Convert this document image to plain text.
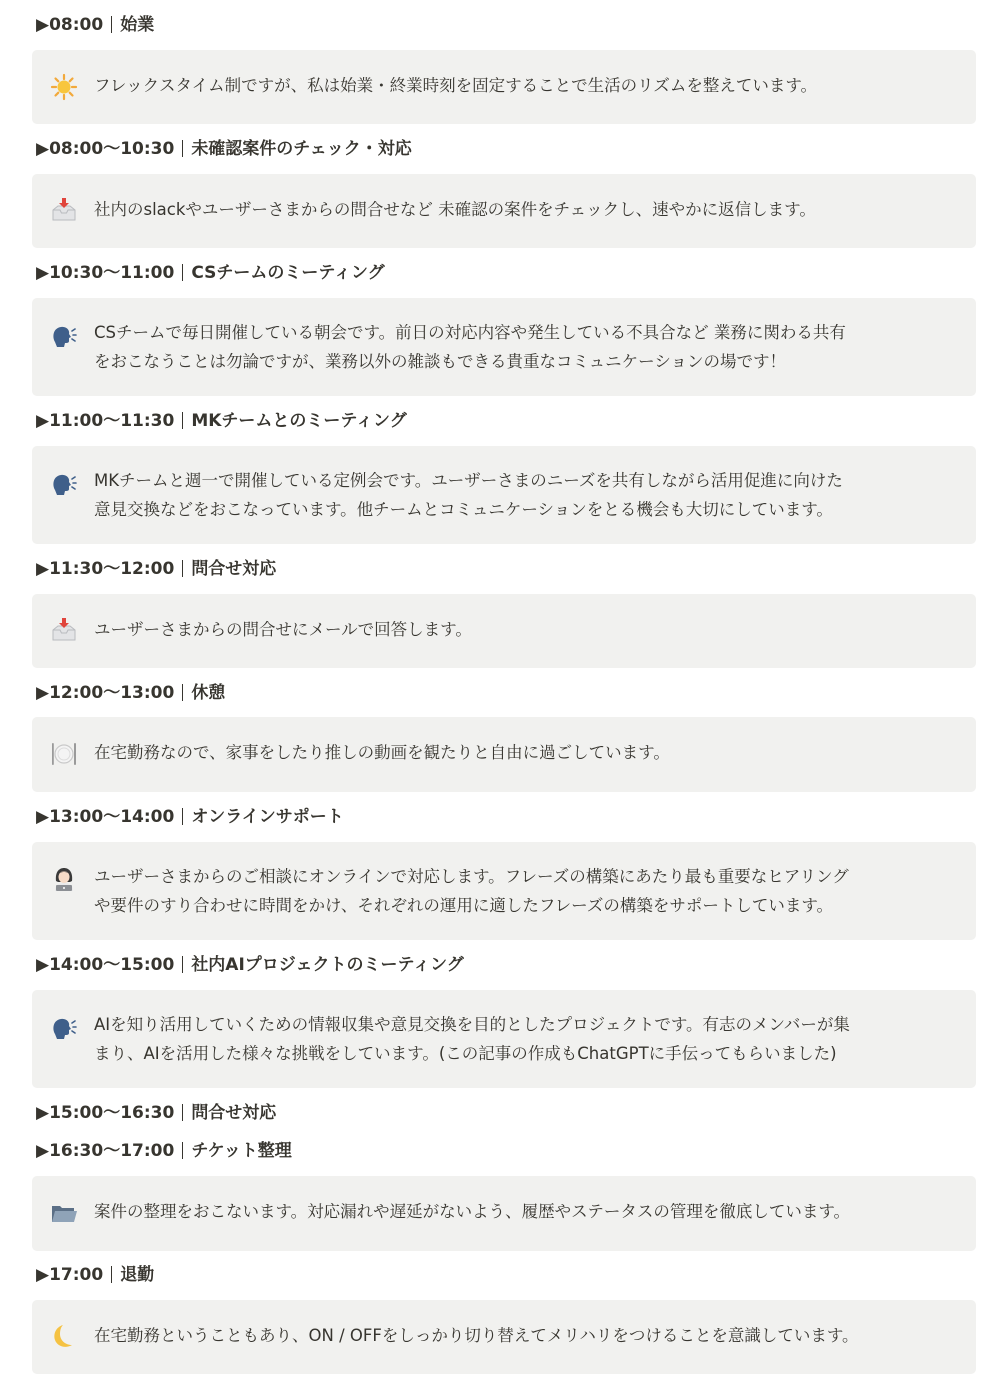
▶08:00 始業
フレックスタイム制ですが、私は始業・終業時刻を固定することで生活のリズムを整えています。
▶08:00〜10:30 未確認案件のチェック・対応
社内のslackやユーザーさまからの問合せなど 未確認の案件をチェックし、速やかに返信します。
▶10:30〜11:00 CSチームのミーティング
CSチームで毎日開催している朝会です。前日の対応内容や発生している不具合など 業務に関わる共有
をおこなうことは勿論ですが、業務以外の雑談もできる貴重なコミュニケーションの場です！
▶11:00〜11:30 MKチームとのミーティング
MKチームと週一で開催している定例会です。ユーザーさまのニーズを共有しながら活用促進に向けた
意見交換などをおこなっています。他チームとコミュニケーションをとる機会も大切にしています。
▶11:30〜12:00 問合せ対応
ユーザーさまからの問合せにメールで回答します。
▶12:00〜13:00 休憩
在宅勤務なので、家事をしたり推しの動画を観たりと自由に過ごしています。
▶13:00〜14:00 オンラインサポート
ユーザーさまからのご相談にオンラインで対応します。フレーズの構築にあたり最も重要なヒアリング
や要件のすり合わせに時間をかけ、それぞれの運用に適したフレーズの構築をサポートしています。
▶14:00〜15:00 社内AIプロジェクトのミーティング
AIを知り活用していくための情報収集や意見交換を目的としたプロジェクトです。有志のメンバーが集
まり、AIを活用した様々な挑戦をしています。(この記事の作成もChatGPTに手伝ってもらいました)
▶15:00〜16:30 問合せ対応
▶16:30〜17:00 チケット整理
案件の整理をおこないます。対応漏れや遅延がないよう、履歴やステータスの管理を徹底しています。
▶17:00 退勤
在宅勤務ということもあり、ON / OFFをしっかり切り替えてメリハリをつけることを意識しています。
